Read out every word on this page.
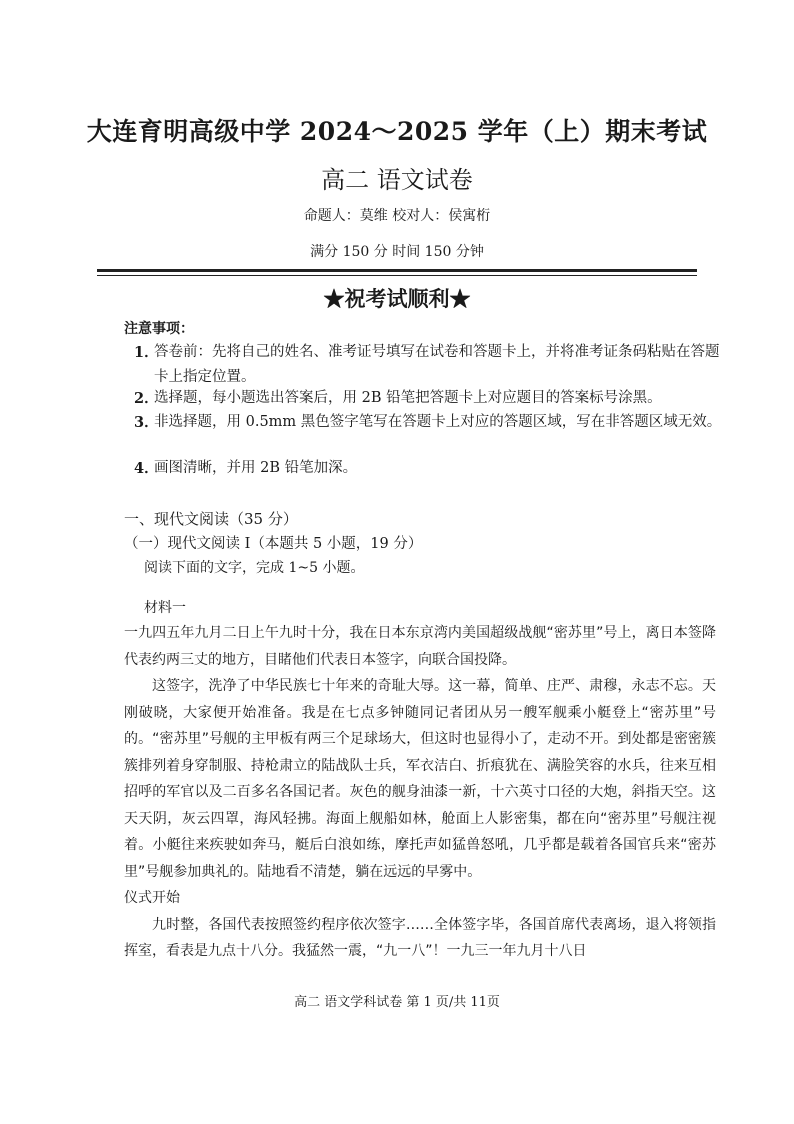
大连育明高级中学 2024～2025 学年（上）期末考试
高二 语文试卷
命题人：莫维 校对人：侯寓桁
满分 150 分 时间 150 分钟
★祝考试顺利★
注意事项：
1．
答卷前：先将自己的姓名、准考证号填写在试卷和答题卡上，并将准考证条码粘贴在答题卡上指定位置。
2．
选择题，每小题选出答案后，用 2B 铅笔把答题卡上对应题目的答案标号涂黑。
3．
非选择题，用 0.5mm 黑色签字笔写在答题卡上对应的答题区域，写在非答题区域无效。
4．
画图清晰，并用 2B 铅笔加深。
一、现代文阅读（35 分）
（一）现代文阅读 I（本题共 5 小题，19 分）
阅读下面的文字，完成 1~5 小题。
材料一

一九四五年九月二日上午九时十分，我在日本东京湾内美国超级战舰“密苏里”号上，离日本签降代表约两三丈的地方，目睹他们代表日本签字，向联合国投降。

这签字，洗净了中华民族七十年来的奇耻大辱。这一幕，简单、庄严、肃穆，永志不忘。天刚破晓，大家便开始准备。我是在七点多钟随同记者团从另一艘军舰乘小艇登上“密苏里”号的。“密苏里”号舰的主甲板有两三个足球场大，但这时也显得小了，走动不开。到处都是密密簇簇排列着身穿制服、持枪肃立的陆战队士兵，军衣洁白、折痕犹在、满脸笑容的水兵，往来互相招呼的军官以及二百多名各国记者。灰色的舰身油漆一新，十六英寸口径的大炮，斜指天空。这天天阴，灰云四罩，海风轻拂。海面上舰船如林，舱面上人影密集，都在向“密苏里”号舰注视着。小艇往来疾驶如奔马，艇后白浪如练，摩托声如猛兽怒吼，几乎都是载着各国官兵来“密苏里”号舰参加典礼的。陆地看不清楚，躺在远远的早雾中。

仪式开始

九时整，各国代表按照签约程序依次签字……全体签字毕，各国首席代表离场，退入将领指挥室，看表是九点十八分。我猛然一震，“九一八”！一九三一年九月十八日

高二 语文学科试卷 第 1 页/共 11页
